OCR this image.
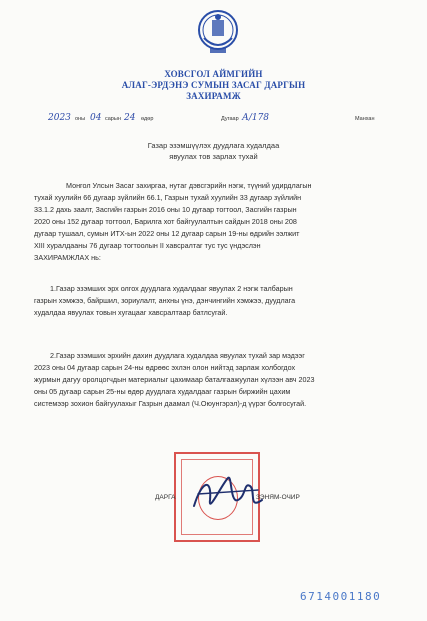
ХОВСГОЛ АЙМГИЙН
АЛАГ-ЭРДЭНЭ СУМЫН ЗАСАГ ДАРГЫН
ЗАХИРАМЖ
2023 оны 04 сарын 24 өдөр	Дугаар А/178	Манхан
Газар эзэмшүүлэх дуудлага худалдаа
явуулах тов зарлах тухай
Монгол Улсын Засаг захиргаа, нутаг дэвсгэрийн нэгж, түүний удирдлагын
тухай хуулийн 66 дугаар зүйлийн 66.1, Газрын тухай хуулийн 33 дугаар зүйлийн
33.1.2 дахь заалт, Засгийн газрын 2016 оны 10 дугаар тогтоол, Засгийн газрын
2020 оны 152 дугаар тогтоол, Барилга хот байгуулалтын сайдын 2018 оны 208
дугаар тушаал, сумын ИТХ-ын 2022 оны 12 дугаар сарын 19-ны өдрийн ээлжит
XIII хуралдааны 76 дугаар тогтоолын II хавсралтаг тус тус үндэслэн
ЗАХИРАМЖЛАХ нь:
1.Газар эзэмших эрх олгох дуудлага худалдааг явуулах 2 нэгж талбарын
газрын хэмжээ, байршил, зориулалт, анхны үнэ, дэнчингийн хэмжээ, дуудлага
худалдаа явуулах товын хугацааг хавсралтаар батлсугай.
2.Газар эзэмших эрхийн дахин дуудлага худалдаа явуулах тухай зар мэдээг
2023 оны 04 дугаар сарын 24-ны өдрөөс эхлэн олон нийтэд зарлаж холбогдох
журмын дагуу оролцогчдын материалыг цахимаар баталгаажуулан хүлээн авч 2023
оны 05 дугаар сарын 25-ны өдөр дуудлага худалдааг газрын биржийн цахим
системээр зохион байгуулахыг Газрын даамал (Ч.Оюунгэрэл)-д үүрэг болгосугай.
ДАРГА	ЗЭНЯМ-ОЧИР
6714001180
